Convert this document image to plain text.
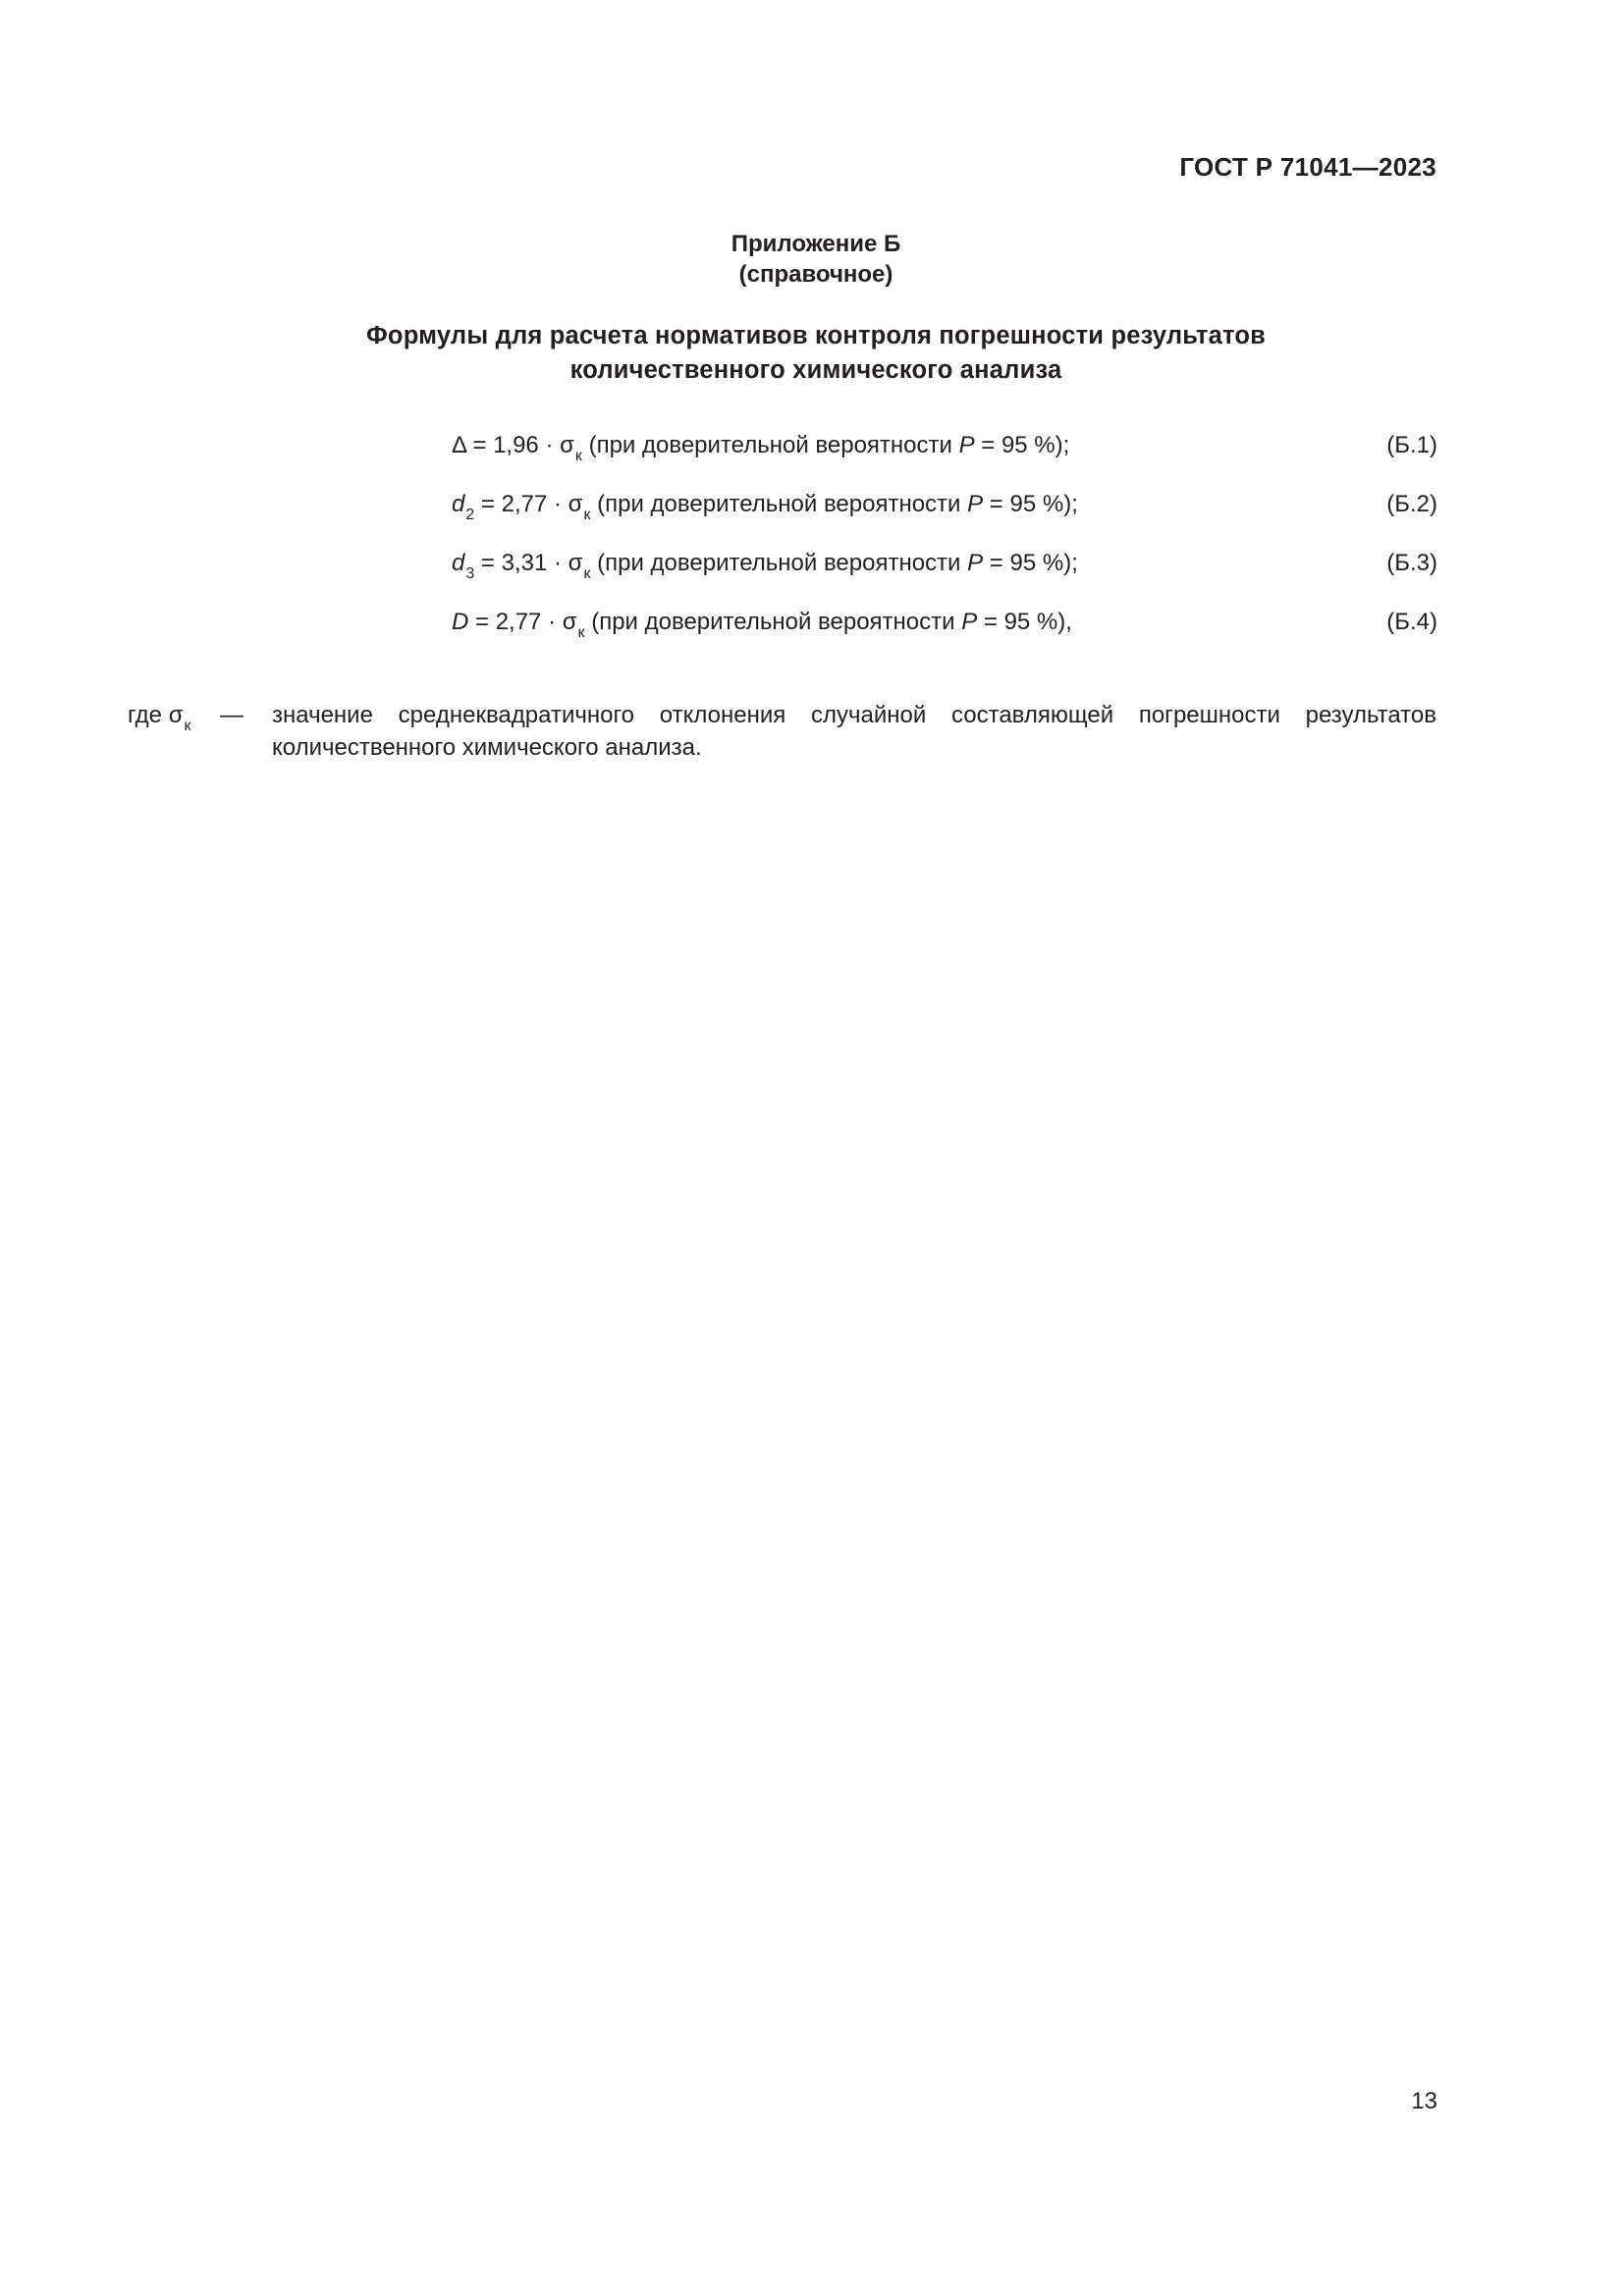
ГОСТ Р 71041—2023
Приложение Б
(справочное)
Формулы для расчета нормативов контроля погрешности результатов
количественного химического анализа
$\Delta = 1,96 \cdot \sigma_к$ (при доверительной вероятности P = 95 %);	(Б.1)
$d_2 = 2,77 \cdot \sigma_к$ (при доверительной вероятности P = 95 %);	(Б.2)
$d_3 = 3,31 \cdot \sigma_к$ (при доверительной вероятности P = 95 %);	(Б.3)
$D = 2,77 \cdot \sigma_к$ (при доверительной вероятности P = 95 %),	(Б.4)
где $\sigma_к$ — значение среднеквадратичного отклонения случайной составляющей погрешности результатов количественного химического анализа.
13
